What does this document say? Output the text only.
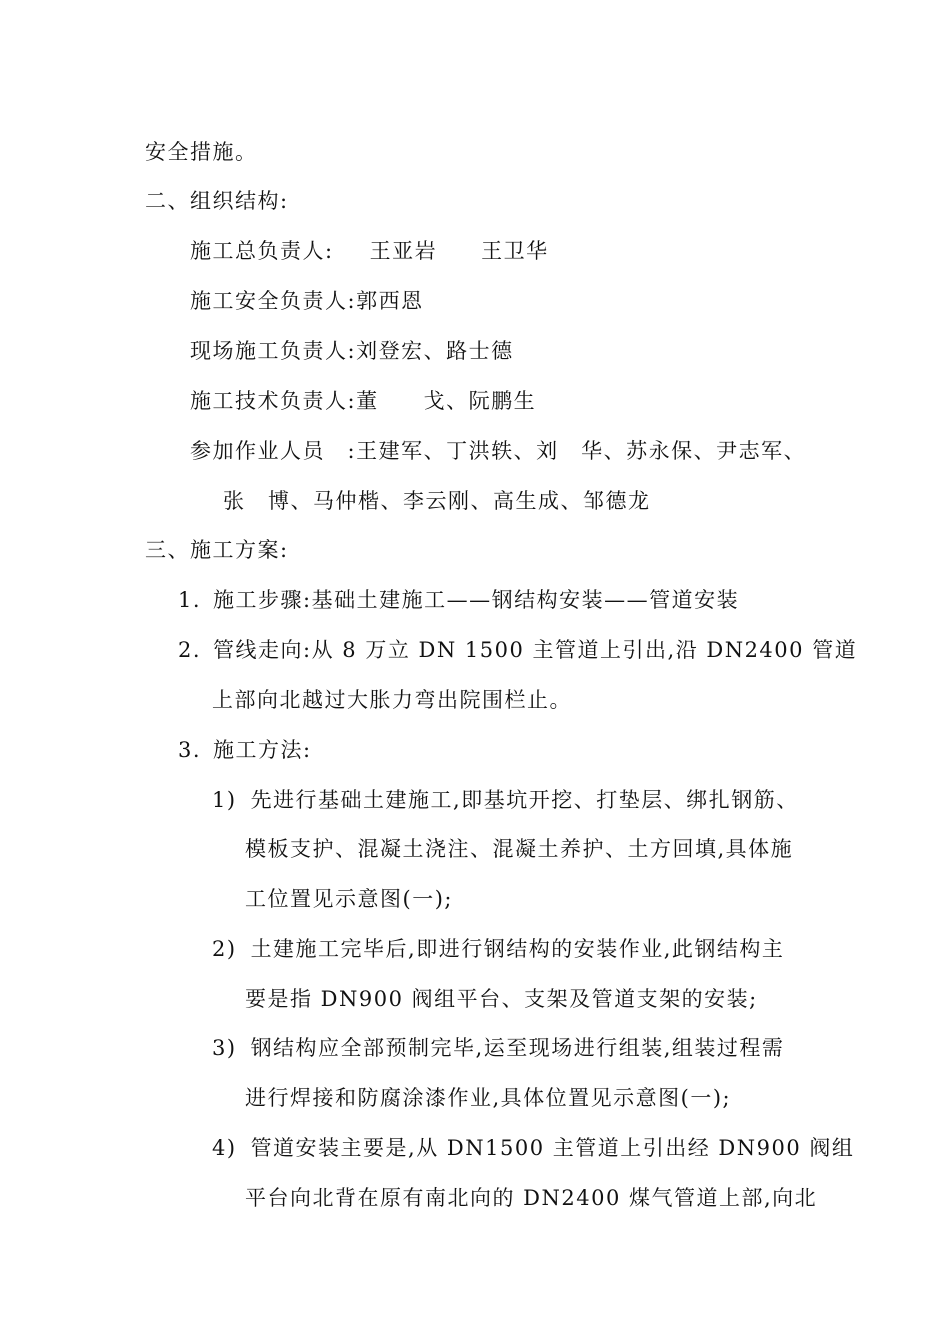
安全措施。
二、组织结构:
施工总负责人: 王亚岩 王卫华
施工安全负责人:郭西恩
现场施工负责人:刘登宏、路士德
施工技术负责人:董　　戈、阮鹏生
参加作业人员　:王建军、丁洪轶、刘　华、苏永保、尹志军、
张　博、马仲楷、李云刚、高生成、邹德龙
三、施工方案:
1. 施工步骤:基础土建施工——钢结构安装——管道安装
2. 管线走向:从 8 万立 DN 1500 主管道上引出,沿 DN2400 管道
上部向北越过大胀力弯出院围栏止。
3. 施工方法:
1) 先进行基础土建施工,即基坑开挖、打垫层、绑扎钢筋、
模板支护、混凝土浇注、混凝土养护、土方回填,具体施
工位置见示意图(一);
2) 土建施工完毕后,即进行钢结构的安装作业,此钢结构主
要是指 DN900 阀组平台、支架及管道支架的安装;
3) 钢结构应全部预制完毕,运至现场进行组装,组装过程需
进行焊接和防腐涂漆作业,具体位置见示意图(一);
4) 管道安装主要是,从 DN1500 主管道上引出经 DN900 阀组
平台向北背在原有南北向的 DN2400 煤气管道上部,向北
